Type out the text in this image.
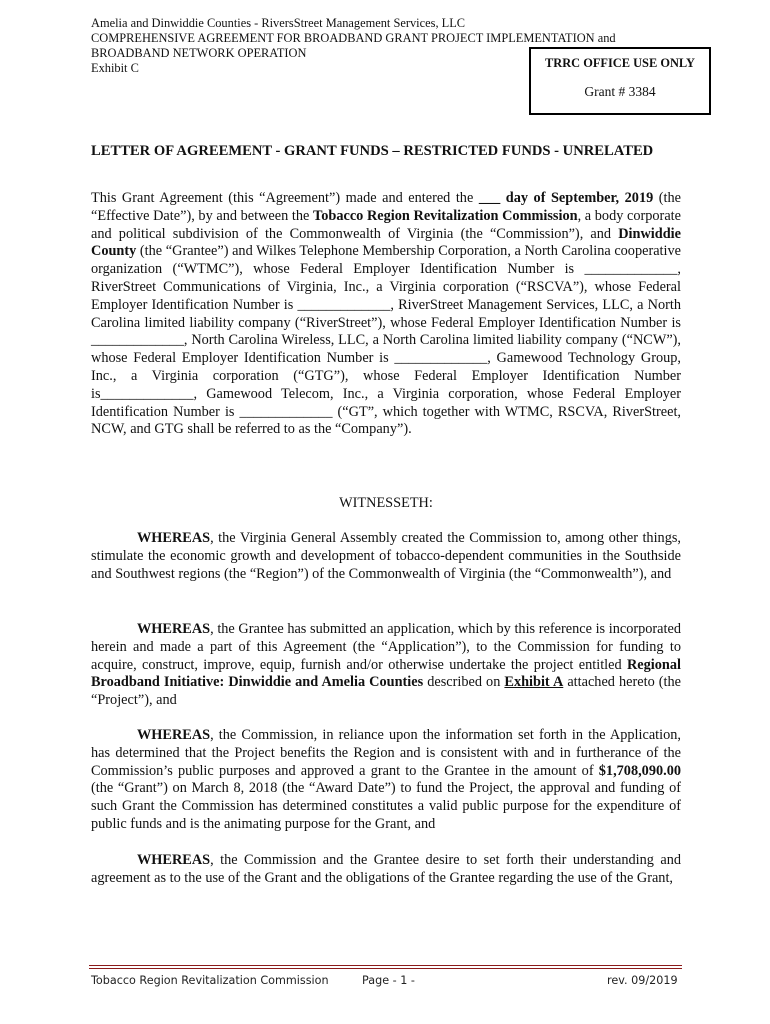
Amelia and Dinwiddie Counties - RiversStreet Management Services, LLC
COMPREHENSIVE AGREEMENT FOR BROADBAND GRANT PROJECT IMPLEMENTATION and
BROADBAND NETWORK OPERATION
Exhibit C	TRRC OFFICE USE ONLY
Grant # 3384
LETTER OF AGREEMENT - GRANT FUNDS – RESTRICTED FUNDS - UNRELATED
This Grant Agreement (this “Agreement”) made and entered the ___ day of September, 2019 (the “Effective Date”), by and between the Tobacco Region Revitalization Commission, a body corporate and political subdivision of the Commonwealth of Virginia (the “Commission”), and Dinwiddie County (the “Grantee”) and Wilkes Telephone Membership Corporation, a North Carolina cooperative organization (“WTMC”), whose Federal Employer Identification Number is _____________, RiverStreet Communications of Virginia, Inc., a Virginia corporation (“RSCVA”), whose Federal Employer Identification Number is _____________, RiverStreet Management Services, LLC, a North Carolina limited liability company (“RiverStreet”), whose Federal Employer Identification Number is _____________, North Carolina Wireless, LLC, a North Carolina limited liability company (“NCW”), whose Federal Employer Identification Number is _____________, Gamewood Technology Group, Inc., a Virginia corporation (“GTG”), whose Federal Employer Identification Number is_____________, Gamewood Telecom, Inc., a Virginia corporation, whose Federal Employer Identification Number is _____________ (“GT”, which together with WTMC, RSCVA, RiverStreet, NCW, and GTG shall be referred to as the “Company”).
WITNESSETH:
WHEREAS, the Virginia General Assembly created the Commission to, among other things, stimulate the economic growth and development of tobacco-dependent communities in the Southside and Southwest regions (the “Region”) of the Commonwealth of Virginia (the “Commonwealth”), and
WHEREAS, the Grantee has submitted an application, which by this reference is incorporated herein and made a part of this Agreement (the “Application”), to the Commission for funding to acquire, construct, improve, equip, furnish and/or otherwise undertake the project entitled Regional Broadband Initiative: Dinwiddie and Amelia Counties described on Exhibit A attached hereto (the “Project”), and
WHEREAS, the Commission, in reliance upon the information set forth in the Application, has determined that the Project benefits the Region and is consistent with and in furtherance of the Commission’s public purposes and approved a grant to the Grantee in the amount of $1,708,090.00 (the “Grant”) on March 8, 2018 (the “Award Date”) to fund the Project, the approval and funding of such Grant the Commission has determined constitutes a valid public purpose for the expenditure of public funds and is the animating purpose for the Grant, and
WHEREAS, the Commission and the Grantee desire to set forth their understanding and agreement as to the use of the Grant and the obligations of the Grantee regarding the use of the Grant,
Tobacco Region Revitalization Commission	Page - 1 -	rev. 09/2019
